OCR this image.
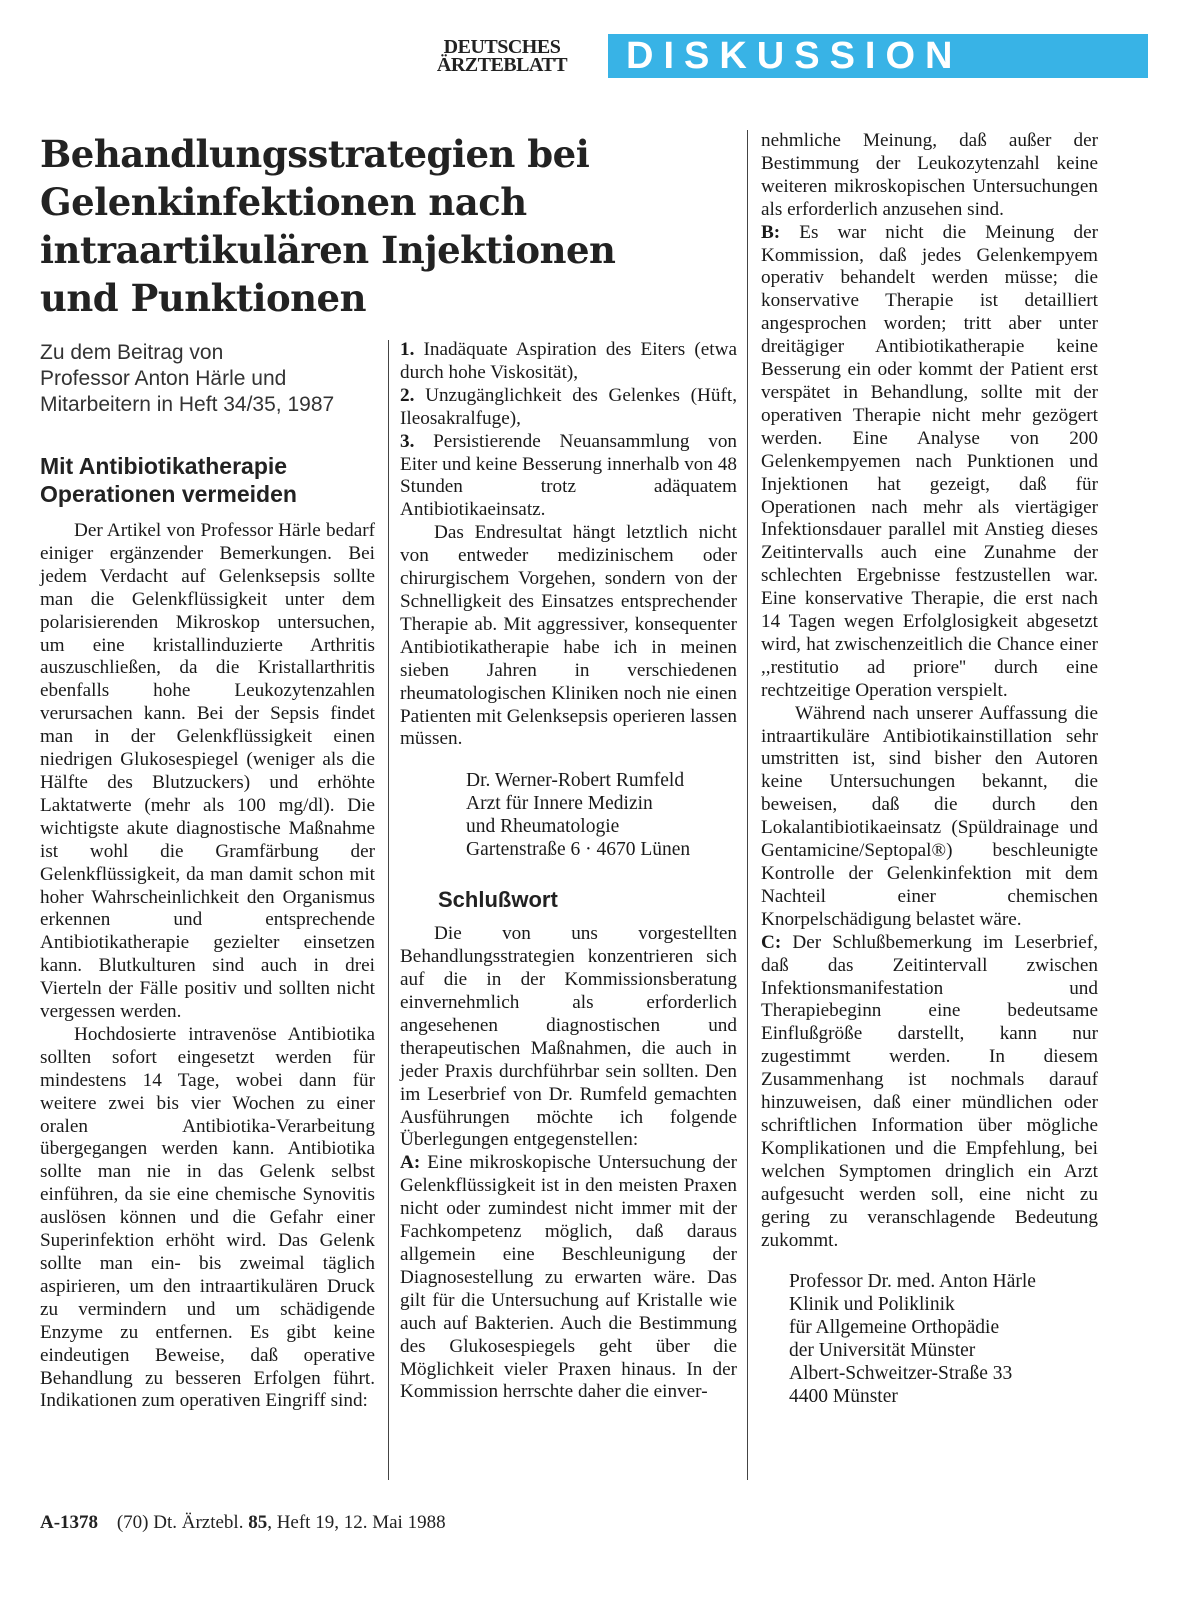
DEUTSCHES
ÄRZTEBLATT	DISKUSSION
Behandlungsstrategien bei Gelenkinfektionen nach intraartikulären Injektionen und Punktionen
Zu dem Beitrag von
Professor Anton Härle und
Mitarbeitern in Heft 34/35, 1987
Mit Antibiotikatherapie Operationen vermeiden

Der Artikel von Professor Härle bedarf einiger ergänzender Bemerkungen. Bei jedem Verdacht auf Gelenksepsis sollte man die Gelenkflüssigkeit unter dem polarisierenden Mikroskop untersuchen, um eine kristallinduzierte Arthritis auszuschließen, da die Kristallarthritis ebenfalls hohe Leukozytenzahlen verursachen kann. Bei der Sepsis findet man in der Gelenkflüssigkeit einen niedrigen Glukosespiegel (weniger als die Hälfte des Blutzuckers) und erhöhte Laktatwerte (mehr als 100 mg/dl). Die wichtigste akute diagnostische Maßnahme ist wohl die Gramfärbung der Gelenkflüssigkeit, da man damit schon mit hoher Wahrscheinlichkeit den Organismus erkennen und entsprechende Antibiotikatherapie gezielter einsetzen kann. Blutkulturen sind auch in drei Vierteln der Fälle positiv und sollten nicht vergessen werden.

Hochdosierte intravenöse Antibiotika sollten sofort eingesetzt werden für mindestens 14 Tage, wobei dann für weitere zwei bis vier Wochen zu einer oralen Antibiotika-Verarbeitung übergegangen werden kann. Antibiotika sollte man nie in das Gelenk selbst einführen, da sie eine chemische Synovitis auslösen können und die Gefahr einer Superinfektion erhöht wird. Das Gelenk sollte man ein- bis zweimal täglich aspirieren, um den intraartikulären Druck zu vermindern und um schädigende Enzyme zu entfernen. Es gibt keine eindeutigen Beweise, daß operative Behandlung zu besseren Erfolgen führt. Indikationen zum operativen Eingriff sind:

1. Inadäquate Aspiration des Eiters (etwa durch hohe Viskosität),

2. Unzugänglichkeit des Gelenkes (Hüft, Ileosakralfuge),

3. Persistierende Neuansammlung von Eiter und keine Besserung innerhalb von 48 Stunden trotz adäquatem Antibiotikaeinsatz.

Das Endresultat hängt letztlich nicht von entweder medizinischem oder chirurgischem Vorgehen, sondern von der Schnelligkeit des Einsatzes entsprechender Therapie ab. Mit aggressiver, konsequenter Antibiotikatherapie habe ich in meinen sieben Jahren in verschiedenen rheumatologischen Kliniken noch nie einen Patienten mit Gelenksepsis operieren lassen müssen.

Dr. Werner-Robert Rumfeld
Arzt für Innere Medizin
und Rheumatologie
Gartenstraße 6 · 4670 Lünen
Schlußwort

Die von uns vorgestellten Behandlungsstrategien konzentrieren sich auf die in der Kommissionsberatung einvernehmlich als erforderlich angesehenen diagnostischen und therapeutischen Maßnahmen, die auch in jeder Praxis durchführbar sein sollten. Den im Leserbrief von Dr. Rumfeld gemachten Ausführungen möchte ich folgende Überlegungen entgegenstellen:

A: Eine mikroskopische Untersuchung der Gelenkflüssigkeit ist in den meisten Praxen nicht oder zumindest nicht immer mit der Fachkompetenz möglich, daß daraus allgemein eine Beschleunigung der Diagnosestellung zu erwarten wäre. Das gilt für die Untersuchung auf Kristalle wie auch auf Bakterien. Auch die Bestimmung des Glukosespiegels geht über die Möglichkeit vieler Praxen hinaus. In der Kommission herrschte daher die einver-

nehmliche Meinung, daß außer der Bestimmung der Leukozytenzahl keine weiteren mikroskopischen Untersuchungen als erforderlich anzusehen sind.

B: Es war nicht die Meinung der Kommission, daß jedes Gelenkempyem operativ behandelt werden müsse; die konservative Therapie ist detailliert angesprochen worden; tritt aber unter dreitägiger Antibiotikatherapie keine Besserung ein oder kommt der Patient erst verspätet in Behandlung, sollte mit der operativen Therapie nicht mehr gezögert werden. Eine Analyse von 200 Gelenkempyemen nach Punktionen und Injektionen hat gezeigt, daß für Operationen nach mehr als viertägiger Infektionsdauer parallel mit Anstieg dieses Zeitintervalls auch eine Zunahme der schlechten Ergebnisse festzustellen war. Eine konservative Therapie, die erst nach 14 Tagen wegen Erfolglosigkeit abgesetzt wird, hat zwischenzeitlich die Chance einer ,,restitutio ad priore'' durch eine rechtzeitige Operation verspielt.

Während nach unserer Auffassung die intraartikuläre Antibiotikainstillation sehr umstritten ist, sind bisher den Autoren keine Untersuchungen bekannt, die beweisen, daß die durch den Lokalantibiotikaeinsatz (Spüldrainage und Gentamicine/Septopal®) beschleunigte Kontrolle der Gelenkinfektion mit dem Nachteil einer chemischen Knorpelschädigung belastet wäre.

C: Der Schlußbemerkung im Leserbrief, daß das Zeitintervall zwischen Infektionsmanifestation und Therapiebeginn eine bedeutsame Einflußgröße darstellt, kann nur zugestimmt werden. In diesem Zusammenhang ist nochmals darauf hinzuweisen, daß einer mündlichen oder schriftlichen Information über mögliche Komplikationen und die Empfehlung, bei welchen Symptomen dringlich ein Arzt aufgesucht werden soll, eine nicht zu gering zu veranschlagende Bedeutung zukommt.

Professor Dr. med. Anton Härle
Klinik und Poliklinik
für Allgemeine Orthopädie
der Universität Münster
Albert-Schweitzer-Straße 33
4400 Münster
A-1378 (70) Dt. Ärztebl. 85, Heft 19, 12. Mai 1988
